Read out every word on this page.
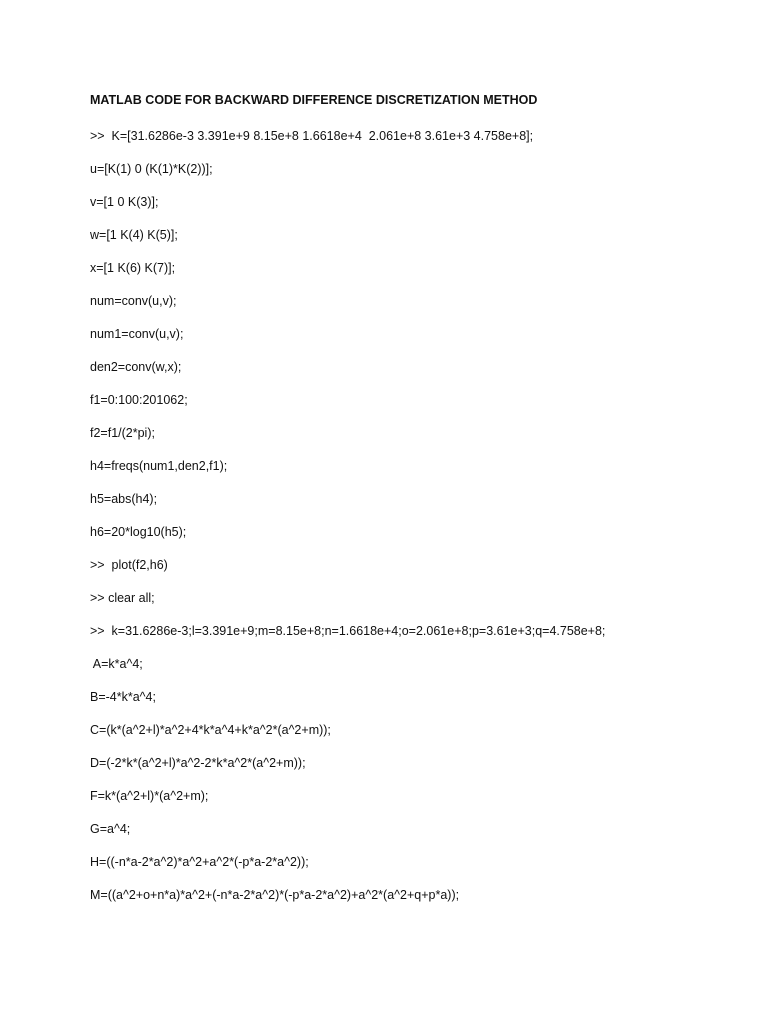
MATLAB CODE FOR BACKWARD DIFFERENCE DISCRETIZATION METHOD
>>  K=[31.6286e-3 3.391e+9 8.15e+8 1.6618e+4  2.061e+8 3.61e+3 4.758e+8];
u=[K(1) 0 (K(1)*K(2))];
v=[1 0 K(3)];
w=[1 K(4) K(5)];
x=[1 K(6) K(7)];
num=conv(u,v);
num1=conv(u,v);
den2=conv(w,x);
f1=0:100:201062;
f2=f1/(2*pi);
h4=freqs(num1,den2,f1);
h5=abs(h4);
h6=20*log10(h5);
>>  plot(f2,h6)
>> clear all;
>>  k=31.6286e-3;l=3.391e+9;m=8.15e+8;n=1.6618e+4;o=2.061e+8;p=3.61e+3;q=4.758e+8;
A=k*a^4;
B=-4*k*a^4;
C=(k*(a^2+l)*a^2+4*k*a^4+k*a^2*(a^2+m));
D=(-2*k*(a^2+l)*a^2-2*k*a^2*(a^2+m));
F=k*(a^2+l)*(a^2+m);
G=a^4;
H=((-n*a-2*a^2)*a^2+a^2*(-p*a-2*a^2));
M=((a^2+o+n*a)*a^2+(-n*a-2*a^2)*(-p*a-2*a^2)+a^2*(a^2+q+p*a));
